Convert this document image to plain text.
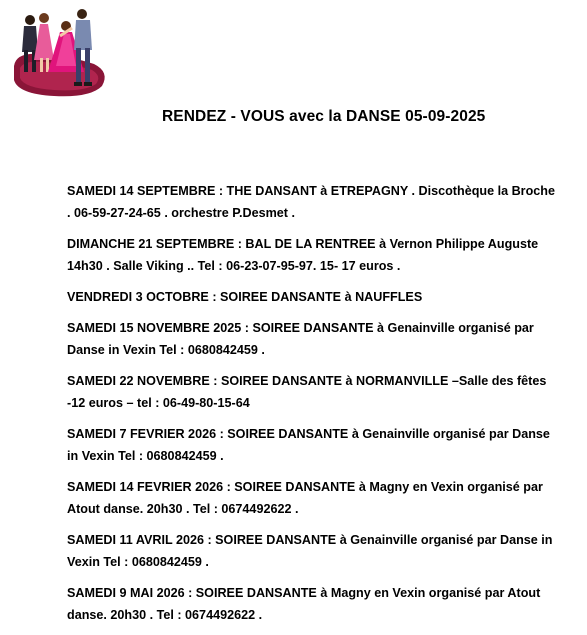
RENDEZ - VOUS avec la DANSE 05-09-2025
SAMEDI 14 SEPTEMBRE : THE DANSANT à ETREPAGNY . Discothèque la Broche . 06-59-27-24-65 . orchestre P.Desmet .
DIMANCHE 21 SEPTEMBRE : BAL DE LA RENTREE à Vernon Philippe Auguste 14h30 . Salle Viking .. Tel : 06-23-07-95-97. 15- 17 euros .
VENDREDI 3 OCTOBRE : SOIREE DANSANTE à NAUFFLES
SAMEDI 15 NOVEMBRE 2025 : SOIREE DANSANTE à Genainville organisé par Danse in Vexin Tel : 0680842459 .
SAMEDI 22 NOVEMBRE : SOIREE DANSANTE à NORMANVILLE –Salle des fêtes -12 euros – tel : 06-49-80-15-64
SAMEDI 7 FEVRIER 2026 : SOIREE DANSANTE à Genainville organisé par Danse in Vexin Tel : 0680842459 .
SAMEDI 14 FEVRIER 2026 : SOIREE DANSANTE à Magny en Vexin organisé par Atout danse. 20h30 . Tel : 0674492622 .
SAMEDI 11 AVRIL 2026 : SOIREE DANSANTE à Genainville organisé par Danse in Vexin Tel : 0680842459 .
SAMEDI 9 MAI 2026 : SOIREE DANSANTE à Magny en Vexin organisé par Atout danse. 20h30 . Tel : 0674492622 .
